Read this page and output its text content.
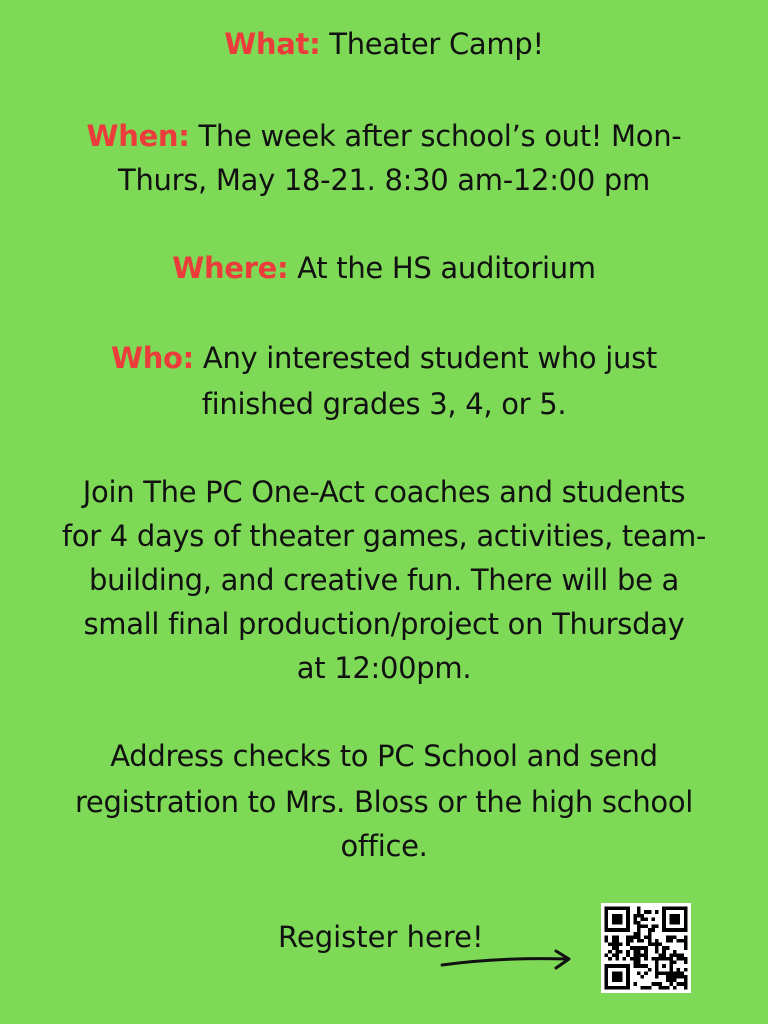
What: Theater Camp!
When: The week after school’s out! Mon-
Thurs, May 18-21. 8:30 am-12:00 pm
Where: At the HS auditorium
Who: Any interested student who just
finished grades 3, 4, or 5.
Join The PC One-Act coaches and students
for 4 days of theater games, activities, team-
building, and creative fun. There will be a
small final production/project on Thursday
at 12:00pm.
Address checks to PC School and send
registration to Mrs. Bloss or the high school
office.
Register here!
